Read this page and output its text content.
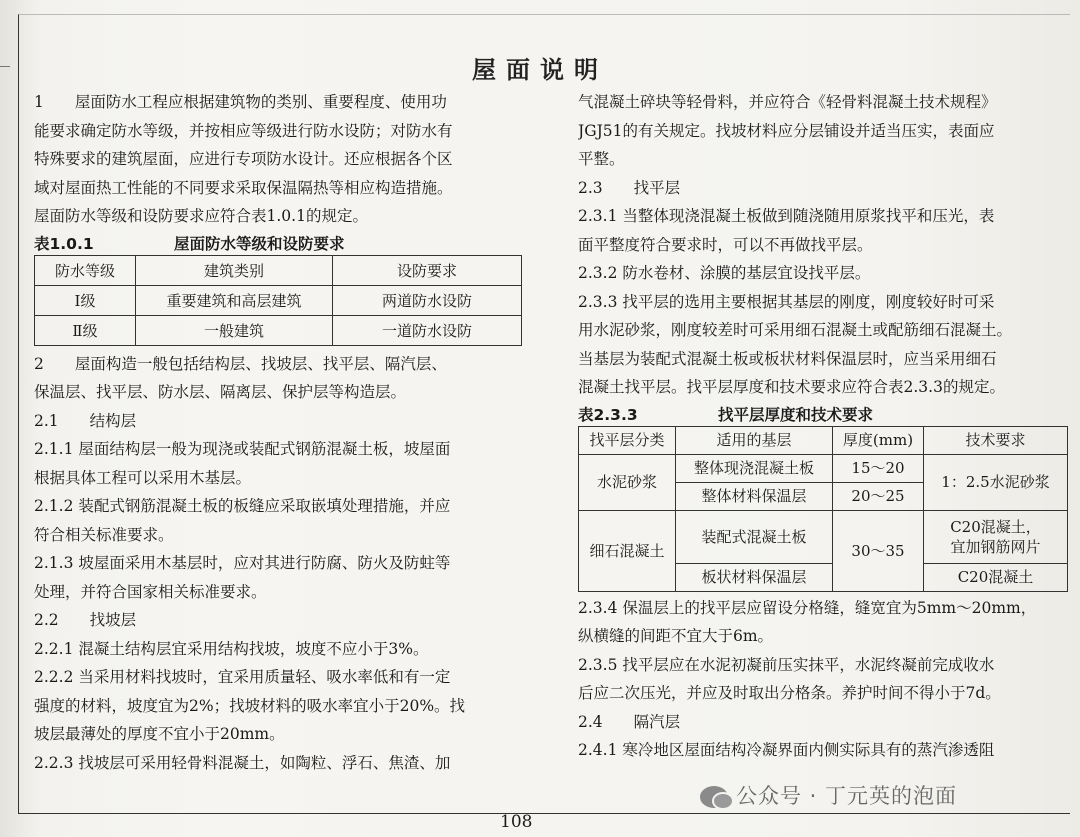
屋面说明

1　　屋面防水工程应根据建筑物的类别、重要程度、使用功

能要求确定防水等级，并按相应等级进行防水设防；对防水有

特殊要求的建筑屋面，应进行专项防水设计。还应根据各个区

域对屋面热工性能的不同要求采取保温隔热等相应构造措施。

屋面防水等级和设防要求应符合表1.0.1的规定。

表1.0.1	屋面防水等级和设防要求
防水等级	建筑类别	设防要求
Ⅰ级	重要建筑和高层建筑	两道防水设防
Ⅱ级	一般建筑	一道防水设防

2　　屋面构造一般包括结构层、找坡层、找平层、隔汽层、

保温层、找平层、防水层、隔离层、保护层等构造层。

2.1　　结构层

2.1.1 屋面结构层一般为现浇或装配式钢筋混凝土板，坡屋面

根据具体工程可以采用木基层。

2.1.2 装配式钢筋混凝土板的板缝应采取嵌填处理措施，并应

符合相关标准要求。

2.1.3 坡屋面采用木基层时，应对其进行防腐、防火及防蛀等

处理，并符合国家相关标准要求。

2.2　　找坡层

2.2.1 混凝土结构层宜采用结构找坡，坡度不应小于3%。

2.2.2 当采用材料找坡时，宜采用质量轻、吸水率低和有一定

强度的材料，坡度宜为2%；找坡材料的吸水率宜小于20%。找

坡层最薄处的厚度不宜小于20mm。

2.2.3 找坡层可采用轻骨料混凝土，如陶粒、浮石、焦渣、加

气混凝土碎块等轻骨料，并应符合《轻骨料混凝土技术规程》

JGJ51的有关规定。找坡材料应分层铺设并适当压实，表面应

平整。

2.3　　找平层

2.3.1 当整体现浇混凝土板做到随浇随用原浆找平和压光，表

面平整度符合要求时，可以不再做找平层。

2.3.2 防水卷材、涂膜的基层宜设找平层。

2.3.3 找平层的选用主要根据其基层的刚度，刚度较好时可采

用水泥砂浆，刚度较差时可采用细石混凝土或配筋细石混凝土。

当基层为装配式混凝土板或板状材料保温层时，应当采用细石

混凝土找平层。找平层厚度和技术要求应符合表2.3.3的规定。

表2.3.3	找平层厚度和技术要求
找平层分类	适用的基层	厚度(mm)	技术要求
水泥砂浆	整体现浇混凝土板	15～20	1：2.5水泥砂浆
	整体材料保温层	20～25	
细石混凝土	装配式混凝土板	30～35	C20混凝土，
宜加钢筋网片
	板状材料保温层		C20混凝土

2.3.4 保温层上的找平层应留设分格缝，缝宽宜为5mm～20mm，

纵横缝的间距不宜大于6m。

2.3.5 找平层应在水泥初凝前压实抹平，水泥终凝前完成收水

后应二次压光，并应及时取出分格条。养护时间不得小于7d。

2.4　　隔汽层

2.4.1 寒冷地区屋面结构冷凝界面内侧实际具有的蒸汽渗透阻

公众号 · 丁元英的泡面
108
